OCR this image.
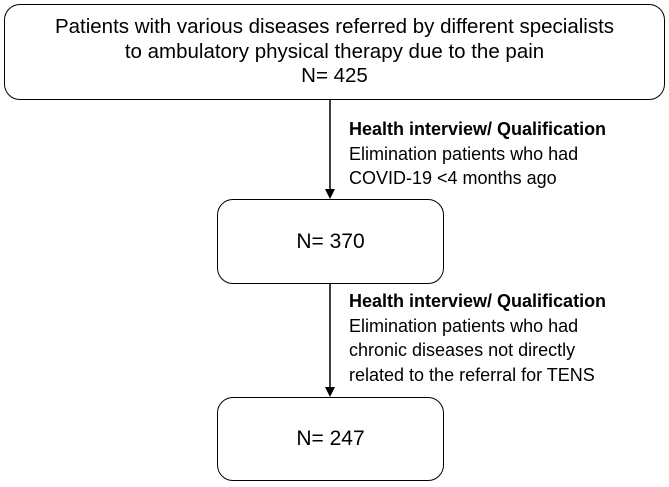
Patients with various diseases referred by different specialists
to ambulatory physical therapy due to the pain
N= 425
Health interview/ Qualification
Elimination patients who had
COVID-19 <4 months ago
N= 370
Health interview/ Qualification
Elimination patients who had
chronic diseases not directly
related to the referral for TENS
N= 247
